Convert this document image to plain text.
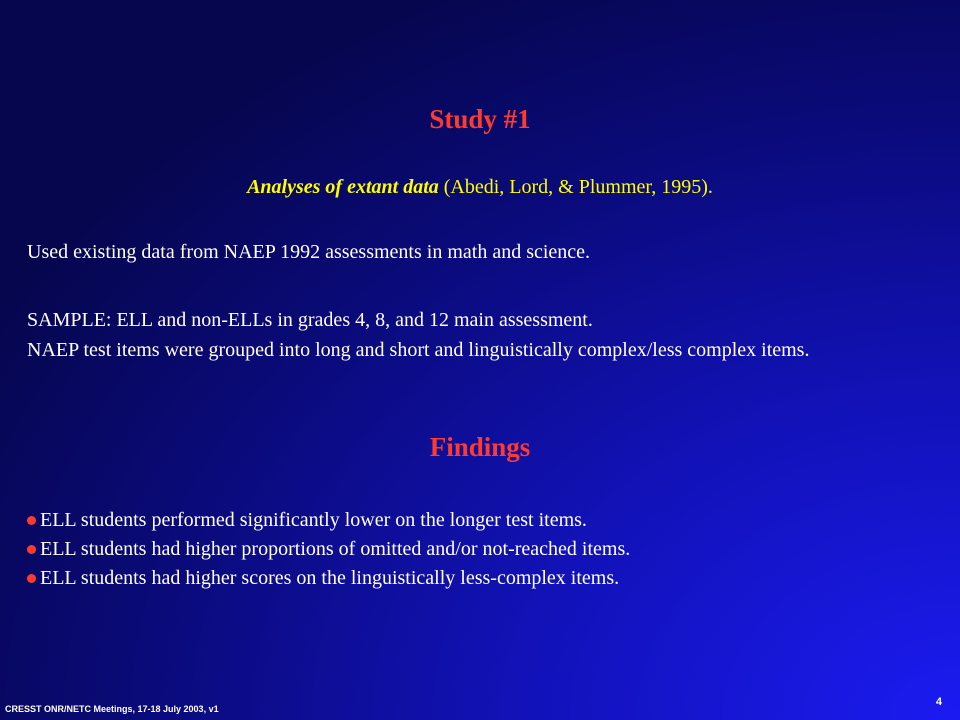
Study #1
Analyses of extant data (Abedi, Lord, & Plummer, 1995).

Used existing data from NAEP 1992 assessments in math and science.

SAMPLE: ELL and non-ELLs in grades 4, 8, and 12 main assessment.

NAEP test items were grouped into long and short and linguistically complex/less complex items.

Findings
ELL students performed significantly lower on the longer test items.
ELL students had higher proportions of omitted and/or not-reached items.
ELL students had higher scores on the linguistically less-complex items.
CRESST ONR/NETC Meetings, 17-18 July 2003, v1
4
